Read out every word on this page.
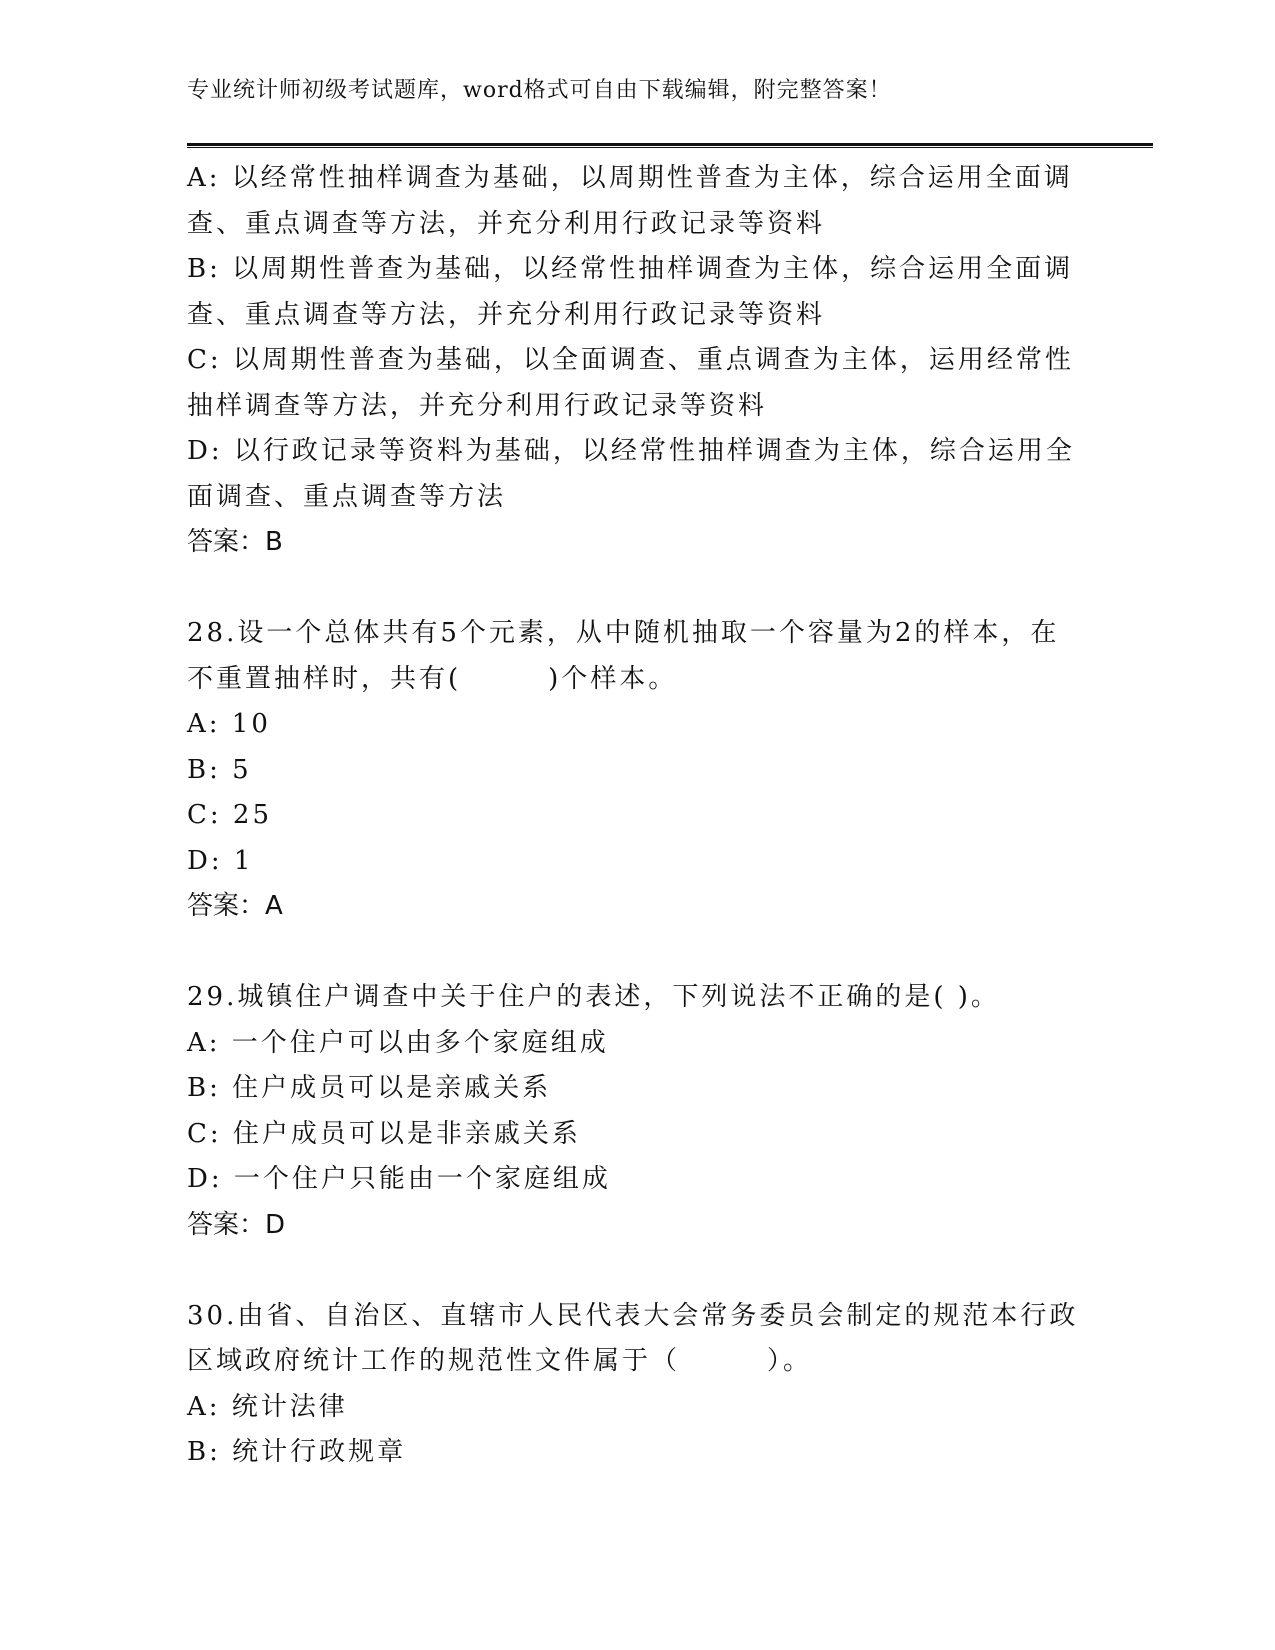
专业统计师初级考试题库，word格式可自由下载编辑，附完整答案！
A: 以经常性抽样调查为基础，以周期性普查为主体，综合运用全面调
查、重点调查等方法，并充分利用行政记录等资料
B: 以周期性普查为基础，以经常性抽样调查为主体，综合运用全面调
查、重点调查等方法，并充分利用行政记录等资料
C: 以周期性普查为基础，以全面调查、重点调查为主体，运用经常性
抽样调查等方法，并充分利用行政记录等资料
D: 以行政记录等资料为基础，以经常性抽样调查为主体，综合运用全
面调查、重点调查等方法
答案：B
28.设一个总体共有5个元素，从中随机抽取一个容量为2的样本，在
不重置抽样时，共有(　　　)个样本。
A: 10
B: 5
C: 25
D: 1
答案：A
29.城镇住户调查中关于住户的表述，下列说法不正确的是( )。
A: 一个住户可以由多个家庭组成
B: 住户成员可以是亲戚关系
C: 住户成员可以是非亲戚关系
D: 一个住户只能由一个家庭组成
答案：D
30.由省、自治区、直辖市人民代表大会常务委员会制定的规范本行政
区域政府统计工作的规范性文件属于（　　　）。
A: 统计法律
B: 统计行政规章
